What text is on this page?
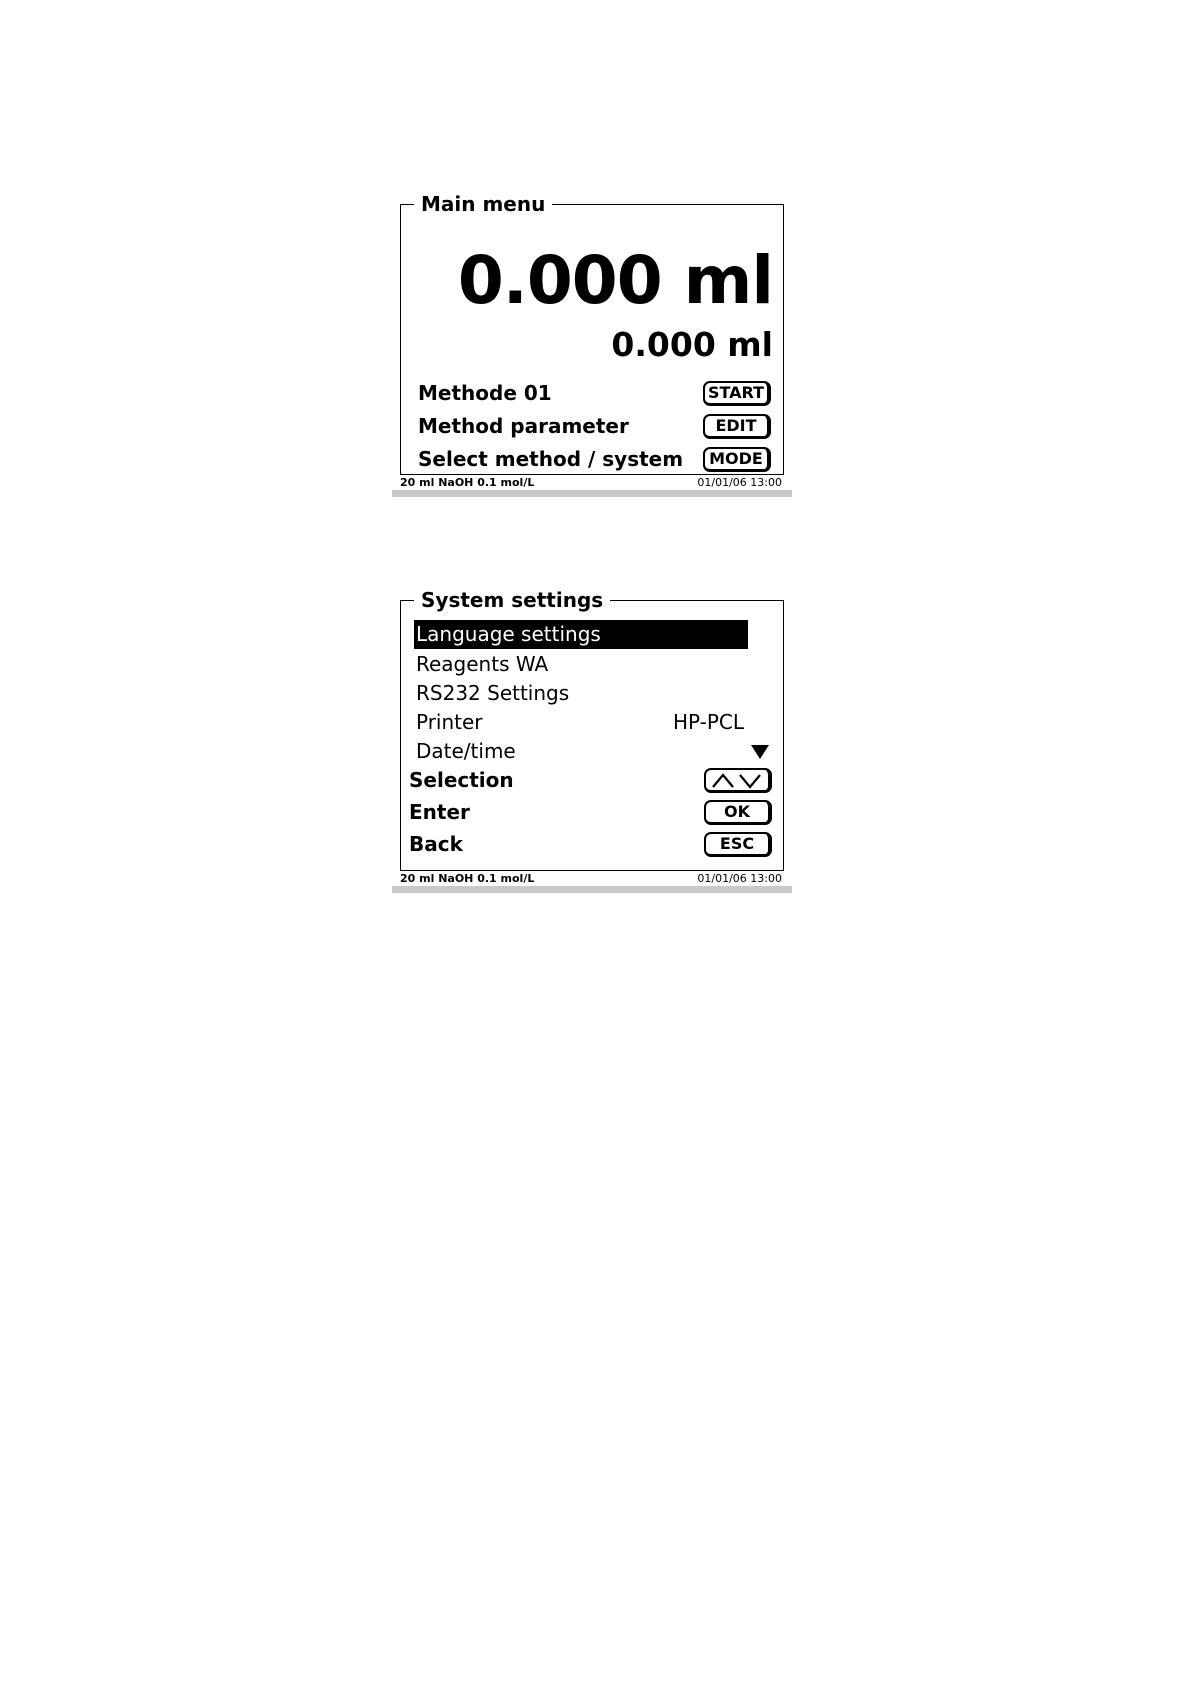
0.000 ml
0.000 ml
Methode 01	START
Method parameter	EDIT
Select method / system	MODE
Main menu
20 ml NaOH 0.1 mol/L	01/01/06 13:00
System settings
Language settings
Reagents WA
RS232 Settings
Printer	HP-PCL
Date/time
Selection
Enter	OK
Back	ESC
20 ml NaOH 0.1 mol/L	01/01/06 13:00
